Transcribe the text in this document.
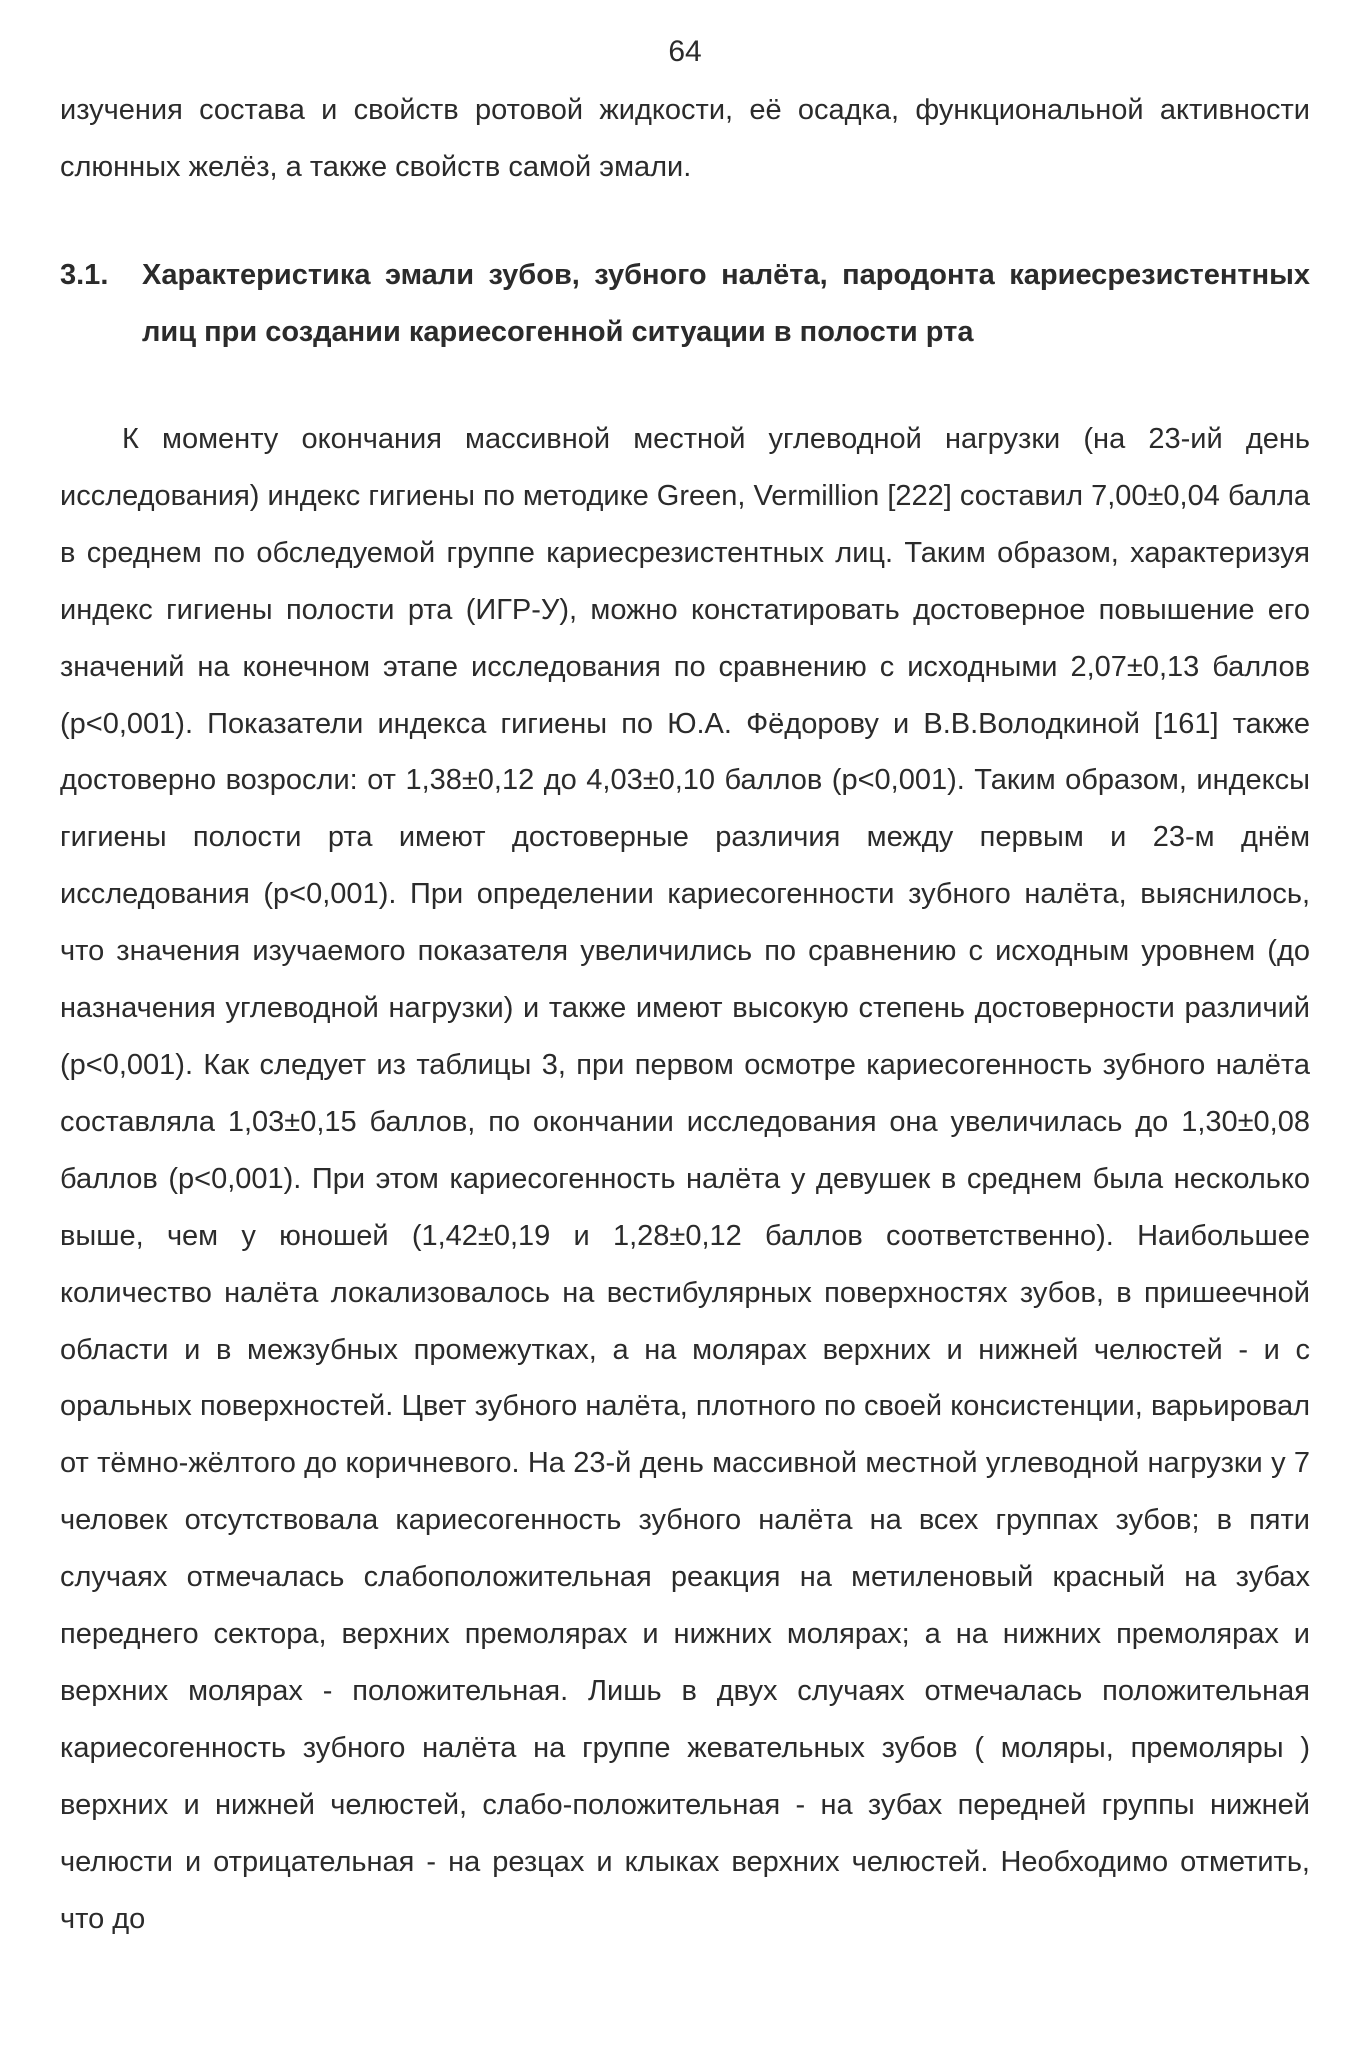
64

изучения состава и свойств ротовой жидкости, её осадка, функциональной активности слюнных желёз, а также свойств самой эмали.

3.1. Характеристика эмали зубов, зубного налёта, пародонта кариесрезистентных лиц при создании кариесогенной ситуации в полости рта

К моменту окончания массивной местной углеводной нагрузки (на 23-ий день исследования) индекс гигиены по методике Green, Vermillion [222] составил 7,00±0,04 балла в среднем по обследуемой группе кариесрезистентных лиц. Таким образом, характеризуя индекс гигиены полости рта (ИГР-У), можно констатировать достоверное повышение его значений на конечном этапе исследования по сравнению с исходными 2,07±0,13 баллов (p<0,001). Показатели индекса гигиены по Ю.А. Фёдорову и В.В.Володкиной [161] также достоверно возросли: от 1,38±0,12 до 4,03±0,10 баллов (p<0,001). Таким образом, индексы гигиены полости рта имеют достоверные различия между первым и 23-м днём исследования (p<0,001). При определении кариесогенности зубного налёта, выяснилось, что значения изучаемого показателя увеличились по сравнению с исходным уровнем (до назначения углеводной нагрузки) и также имеют высокую степень достоверности различий (p<0,001). Как следует из таблицы 3, при первом осмотре кариесогенность зубного налёта составляла 1,03±0,15 баллов, по окончании исследования она увеличилась до 1,30±0,08 баллов (p<0,001). При этом кариесогенность налёта у девушек в среднем была несколько выше, чем у юношей (1,42±0,19 и 1,28±0,12 баллов соответственно). Наибольшее количество налёта локализовалось на вестибулярных поверхностях зубов, в пришеечной области и в межзубных промежутках, а на молярах верхних и нижней челюстей - и с оральных поверхностей. Цвет зубного налёта, плотного по своей консистенции, варьировал от тёмно-жёлтого до коричневого. На 23-й день массивной местной углеводной нагрузки у 7 человек отсутствовала кариесогенность зубного налёта на всех группах зубов; в пяти случаях отмечалась слабоположительная реакция на метиленовый красный на зубах переднего сектора, верхних премолярах и нижних молярах; а на нижних премолярах и верхних молярах - положительная. Лишь в двух случаях отмечалась положительная кариесогенность зубного налёта на группе жевательных зубов ( моляры, премоляры ) верхних и нижней челюстей, слабо-положительная - на зубах передней группы нижней челюсти и отрицательная - на резцах и клыках верхних челюстей. Необходимо отметить, что до
